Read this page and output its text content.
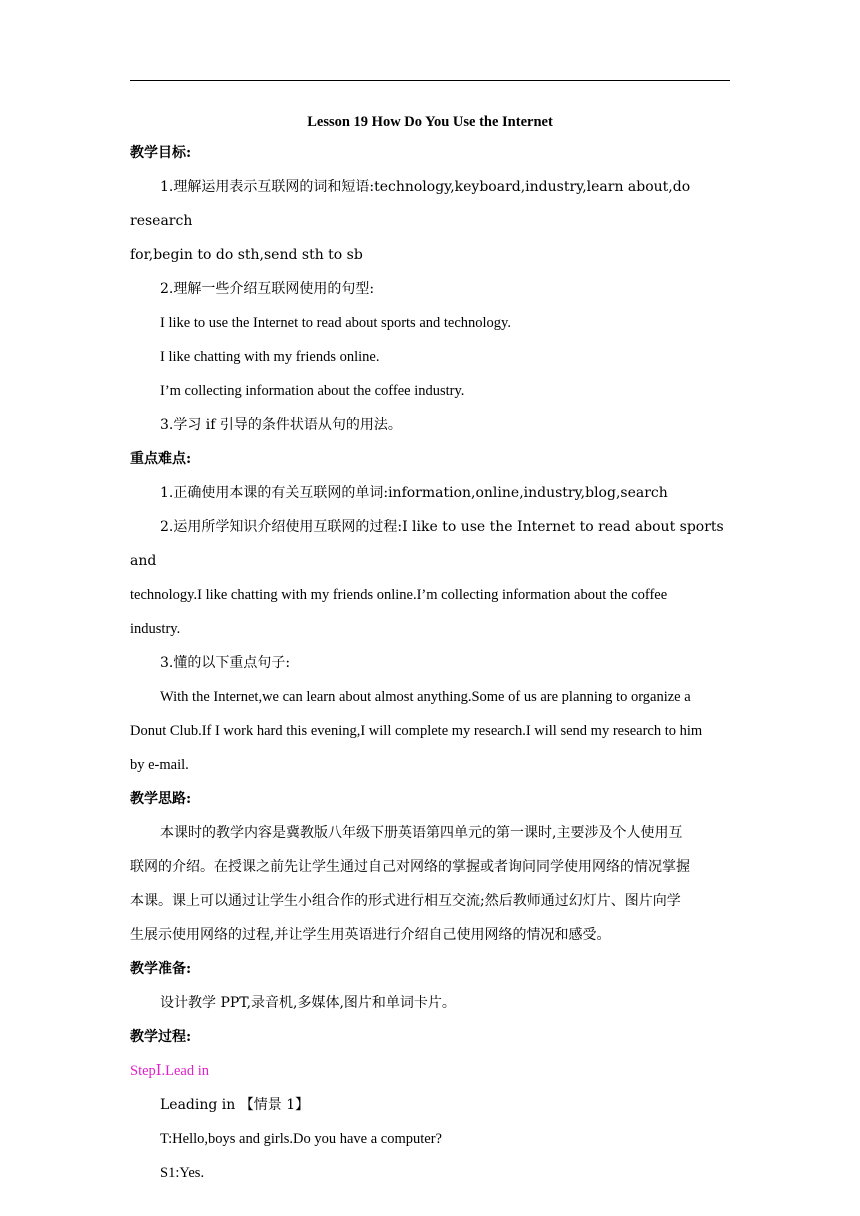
Lesson 19 How Do You Use the Internet

教学目标:

1.理解运用表示互联网的词和短语:technology,keyboard,industry,learn about,do research

for,begin to do sth,send sth to sb

2.理解一些介绍互联网使用的句型:

I like to use the Internet to read about sports and technology.

I like chatting with my friends online.

I’m collecting information about the coffee industry.

3.学习 if 引导的条件状语从句的用法。

重点难点:

1.正确使用本课的有关互联网的单词:information,online,industry,blog,search

2.运用所学知识介绍使用互联网的过程:I like to use the Internet to read about sports and

technology.I like chatting with my friends online.I’m collecting information about the coffee

industry.

3.懂的以下重点句子:

With the Internet,we can learn about almost anything.Some of us are planning to organize a

Donut Club.If I work hard this evening,I will complete my research.I will send my research to him

by e-mail.

教学思路:

本课时的教学内容是冀教版八年级下册英语第四单元的第一课时,主要涉及个人使用互

联网的介绍。在授课之前先让学生通过自己对网络的掌握或者询问同学使用网络的情况掌握

本课。课上可以通过让学生小组合作的形式进行相互交流;然后教师通过幻灯片、图片向学

生展示使用网络的过程,并让学生用英语进行介绍自己使用网络的情况和感受。

教学准备:

设计教学 PPT,录音机,多媒体,图片和单词卡片。

教学过程:

StepⅠ.Lead in

Leading in 【情景 1】

T:Hello,boys and girls.Do you have a computer?

S1:Yes.
